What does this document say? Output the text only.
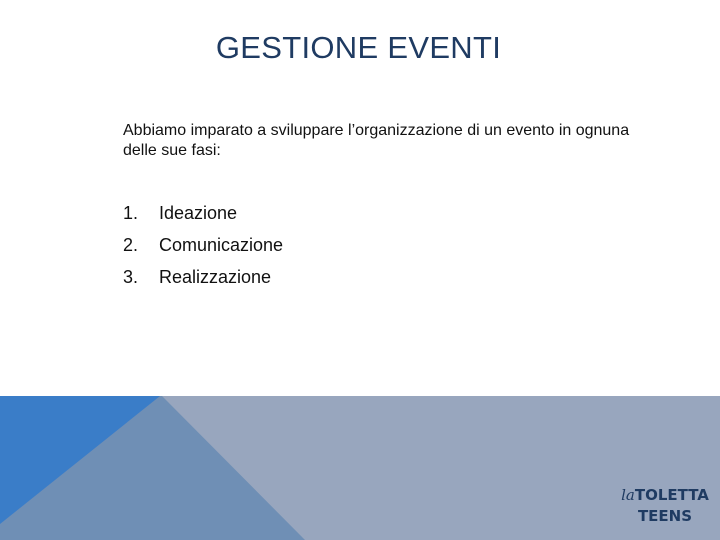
GESTIONE EVENTI

Abbiamo imparato a sviluppare l’organizzazione di un evento in ognuna delle sue fasi:

1.	Ideazione
2.	Comunicazione
3.	Realizzazione
laTOLETTA
TEENS
